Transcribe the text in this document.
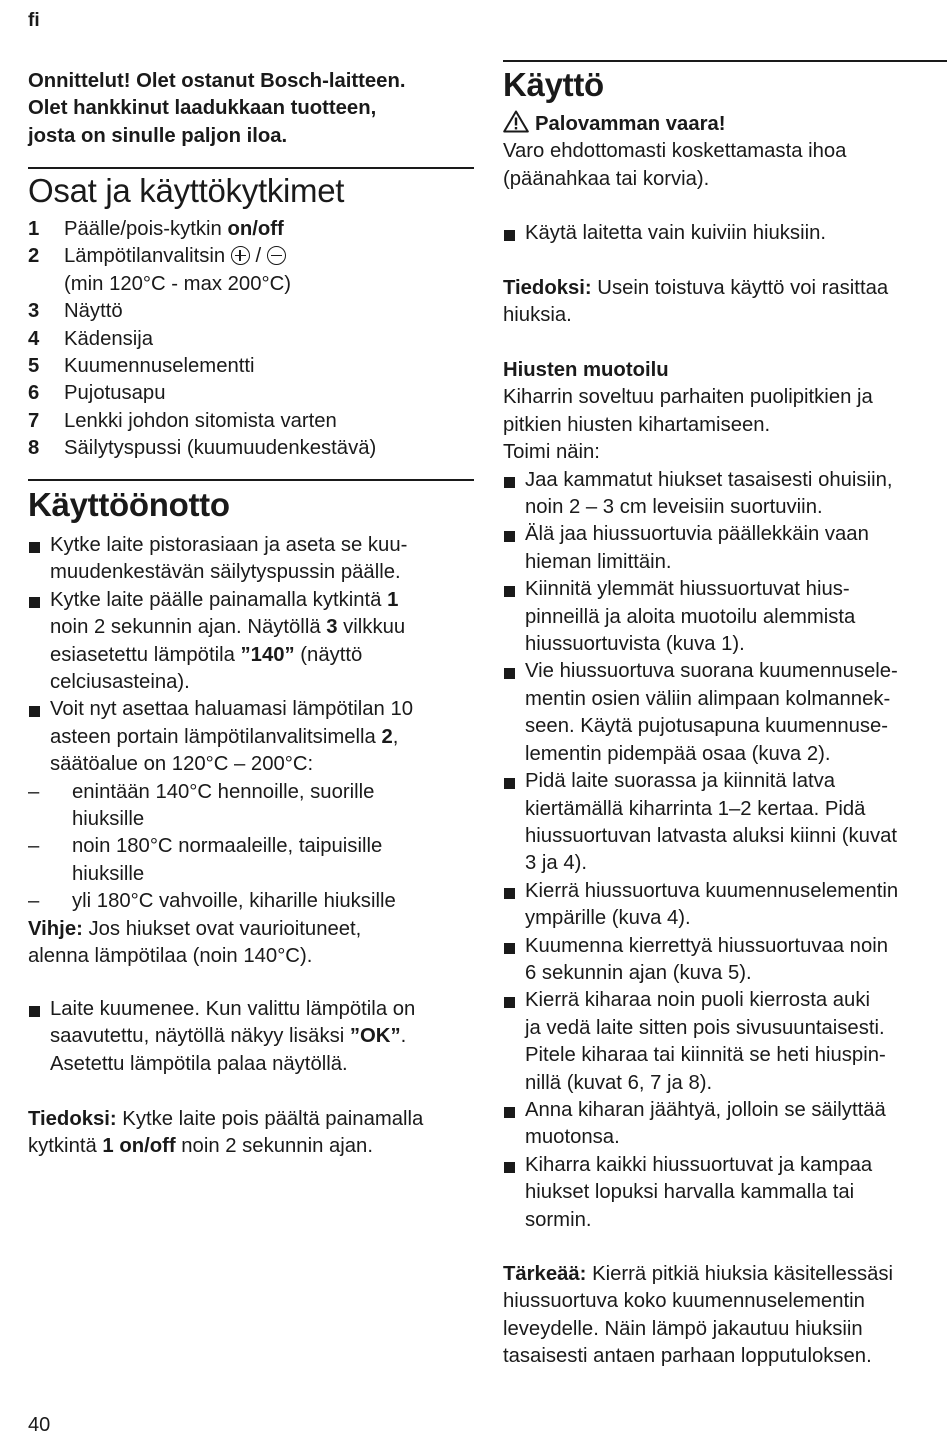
fi
40
Onnittelut! Olet ostanut Bosch-laitteen.
Olet hankkinut laadukkaan tuotteen,
josta on sinulle paljon iloa.
Osat ja käyttökytkimet
1	Päälle/pois-kytkin on/off
2	Lämpötilanvalitsin  /
(min 120°C - max 200°C)
3	Näyttö
4	Kädensija
5	Kuumennuselementti
6	Pujotusapu
7	Lenkki johdon sitomista varten
8	Säilytyspussi (kuumuudenkestävä)
Käyttöönotto
Kytke laite pistorasiaan ja aseta se kuu-
muudenkestävän säilytyspussin päälle.
Kytke laite päälle painamalla kytkintä 1
noin 2 sekunnin ajan. Näytöllä 3 vilkkuu
esiasetettu lämpötila ”140” (näyttö
celciusasteina).
Voit nyt asettaa haluamasi lämpötilan 10
asteen portain lämpötilanvalitsimella 2,
säätöalue on 120°C – 200°C:
–	enintään 140°C hennoille, suorille
hiuksille
–	noin 180°C normaaleille, taipuisille
hiuksille
–	yli 180°C vahvoille, kiharille hiuksille
Vihje: Jos hiukset ovat vaurioituneet,
alenna lämpötilaa (noin 140°C).
Laite kuumenee. Kun valittu lämpötila on
saavutettu, näytöllä näkyy lisäksi ”OK”.
Asetettu lämpötila palaa näytöllä.
Tiedoksi: Kytke laite pois päältä painamalla
kytkintä 1 on/off noin 2 sekunnin ajan.
Käyttö
Palovamman vaara!
Varo ehdottomasti koskettamasta ihoa
(päänahkaa tai korvia).
Käytä laitetta vain kuiviin hiuksiin.
Tiedoksi: Usein toistuva käyttö voi rasittaa
hiuksia.
Hiusten muotoilu
Kiharrin soveltuu parhaiten puolipitkien ja
pitkien hiusten kihartamiseen.
Toimi näin:
Jaa kammatut hiukset tasaisesti ohuisiin,
noin 2 – 3 cm leveisiin suortuviin.
Älä jaa hiussuortuvia päällekkäin vaan
hieman limittäin.
Kiinnitä ylemmät hiussuortuvat hius-
pinneillä ja aloita muotoilu alemmista
hiussuortuvista (kuva 1).
Vie hiussuortuva suorana kuumennusele-
mentin osien väliin alimpaan kolmannek-
seen. Käytä pujotusapuna kuumennuse-
lementin pidempää osaa (kuva 2).
Pidä laite suorassa ja kiinnitä latva
kiertämällä kiharrinta 1–2 kertaa. Pidä
hiussuortuvan latvasta aluksi kiinni (kuvat
3 ja 4).
Kierrä hiussuortuva kuumennuselementin
ympärille (kuva 4).
Kuumenna kierrettyä hiussuortuvaa noin
6 sekunnin ajan (kuva 5).
Kierrä kiharaa noin puoli kierrosta auki
ja vedä laite sitten pois sivusuuntaisesti.
Pitele kiharaa tai kiinnitä se heti hiuspin-
nillä (kuvat 6, 7 ja 8).
Anna kiharan jäähtyä, jolloin se säilyttää
muotonsa.
Kiharra kaikki hiussuortuvat ja kampaa
hiukset lopuksi harvalla kammalla tai
sormin.
Tärkeää: Kierrä pitkiä hiuksia käsitellessäsi
hiussuortuva koko kuumennuselementin
leveydelle. Näin lämpö jakautuu hiuksiin
tasaisesti antaen parhaan lopputuloksen.
